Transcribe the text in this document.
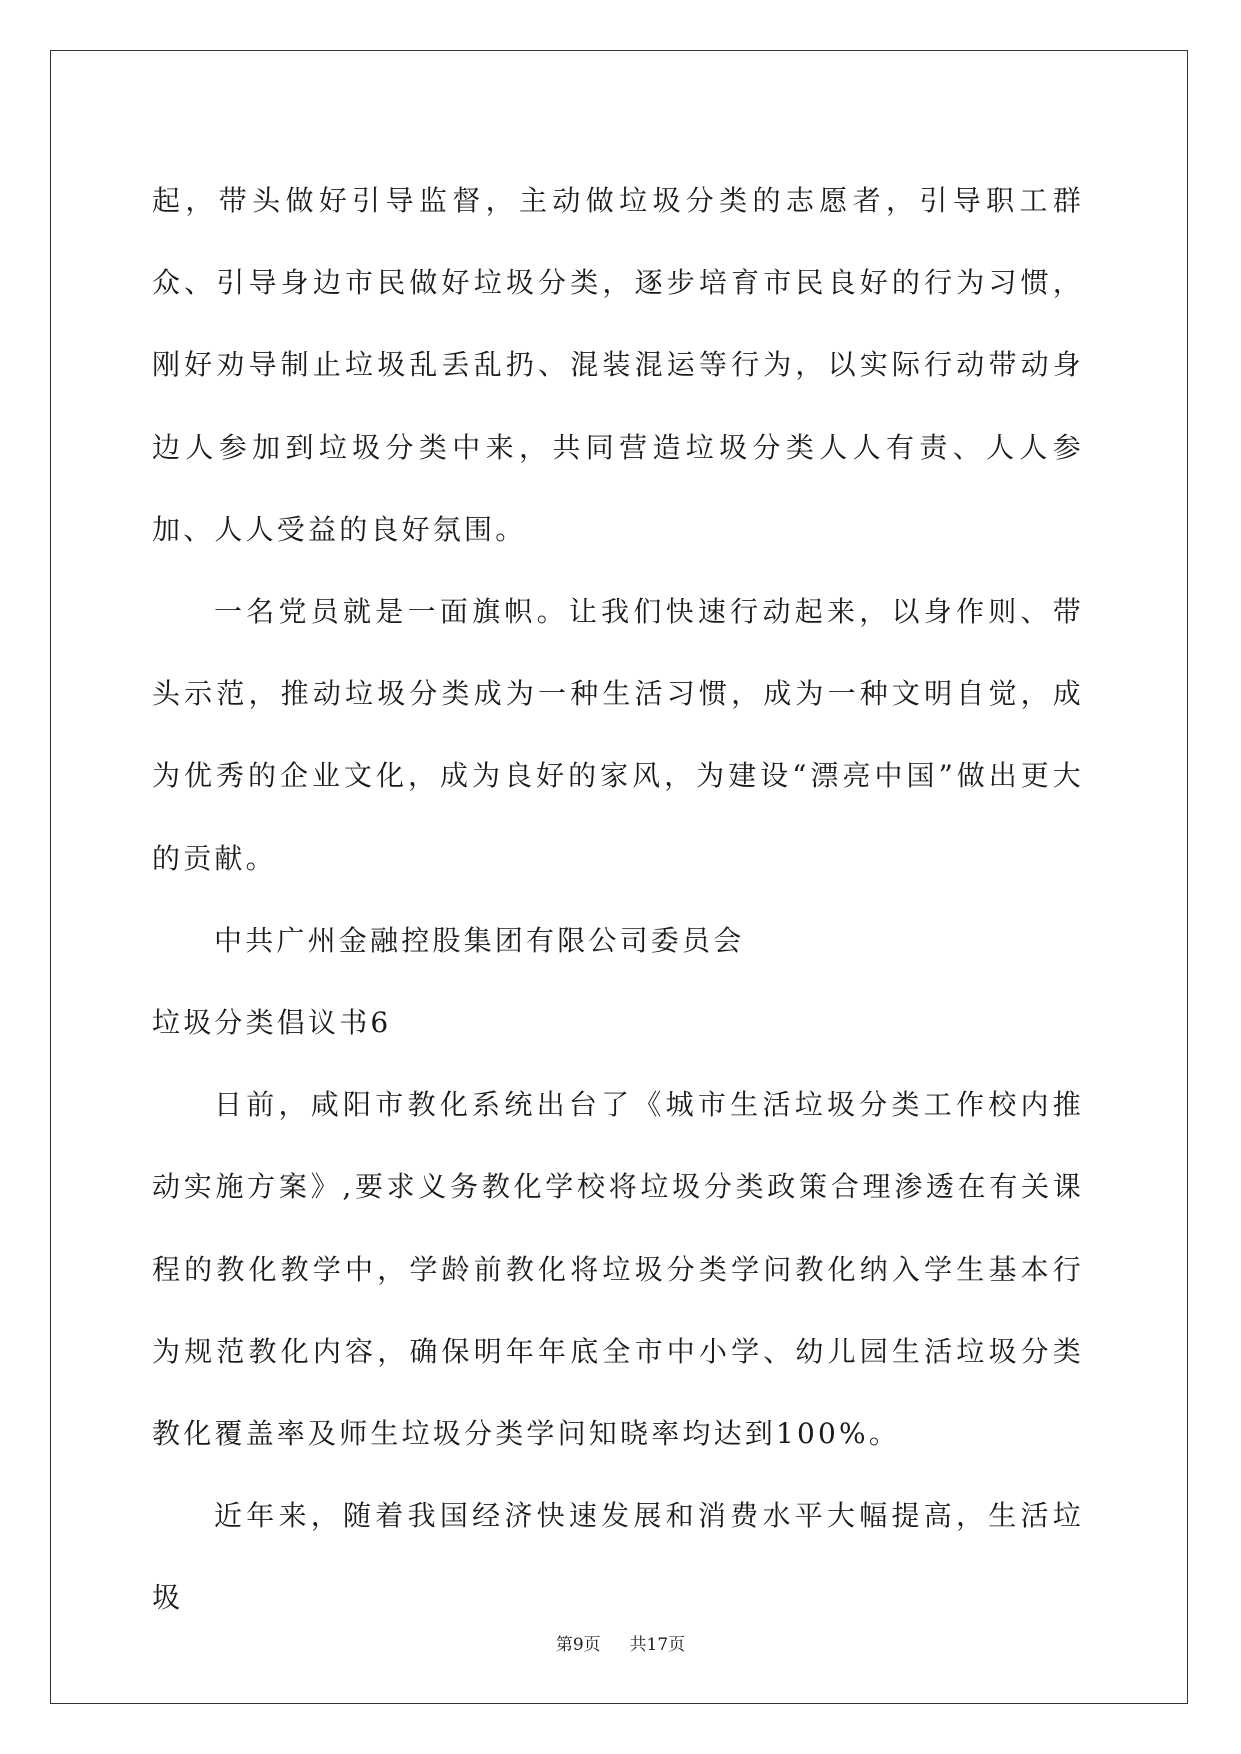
起，带头做好引导监督，主动做垃圾分类的志愿者，引导职工群众、引导身边市民做好垃圾分类，逐步培育市民良好的行为习惯，刚好劝导制止垃圾乱丢乱扔、混装混运等行为，以实际行动带动身边人参加到垃圾分类中来，共同营造垃圾分类人人有责、人人参加、人人受益的良好氛围。

一名党员就是一面旗帜。让我们快速行动起来，以身作则、带头示范，推动垃圾分类成为一种生活习惯，成为一种文明自觉，成为优秀的企业文化，成为良好的家风，为建设“漂亮中国”做出更大的贡献。

中共广州金融控股集团有限公司委员会

垃圾分类倡议书6

日前，咸阳市教化系统出台了《城市生活垃圾分类工作校内推动实施方案》,要求义务教化学校将垃圾分类政策合理渗透在有关课程的教化教学中，学龄前教化将垃圾分类学问教化纳入学生基本行为规范教化内容，确保明年年底全市中小学、幼儿园生活垃圾分类教化覆盖率及师生垃圾分类学问知晓率均达到100%。

近年来，随着我国经济快速发展和消费水平大幅提高，生活垃圾

第9页 共17页
